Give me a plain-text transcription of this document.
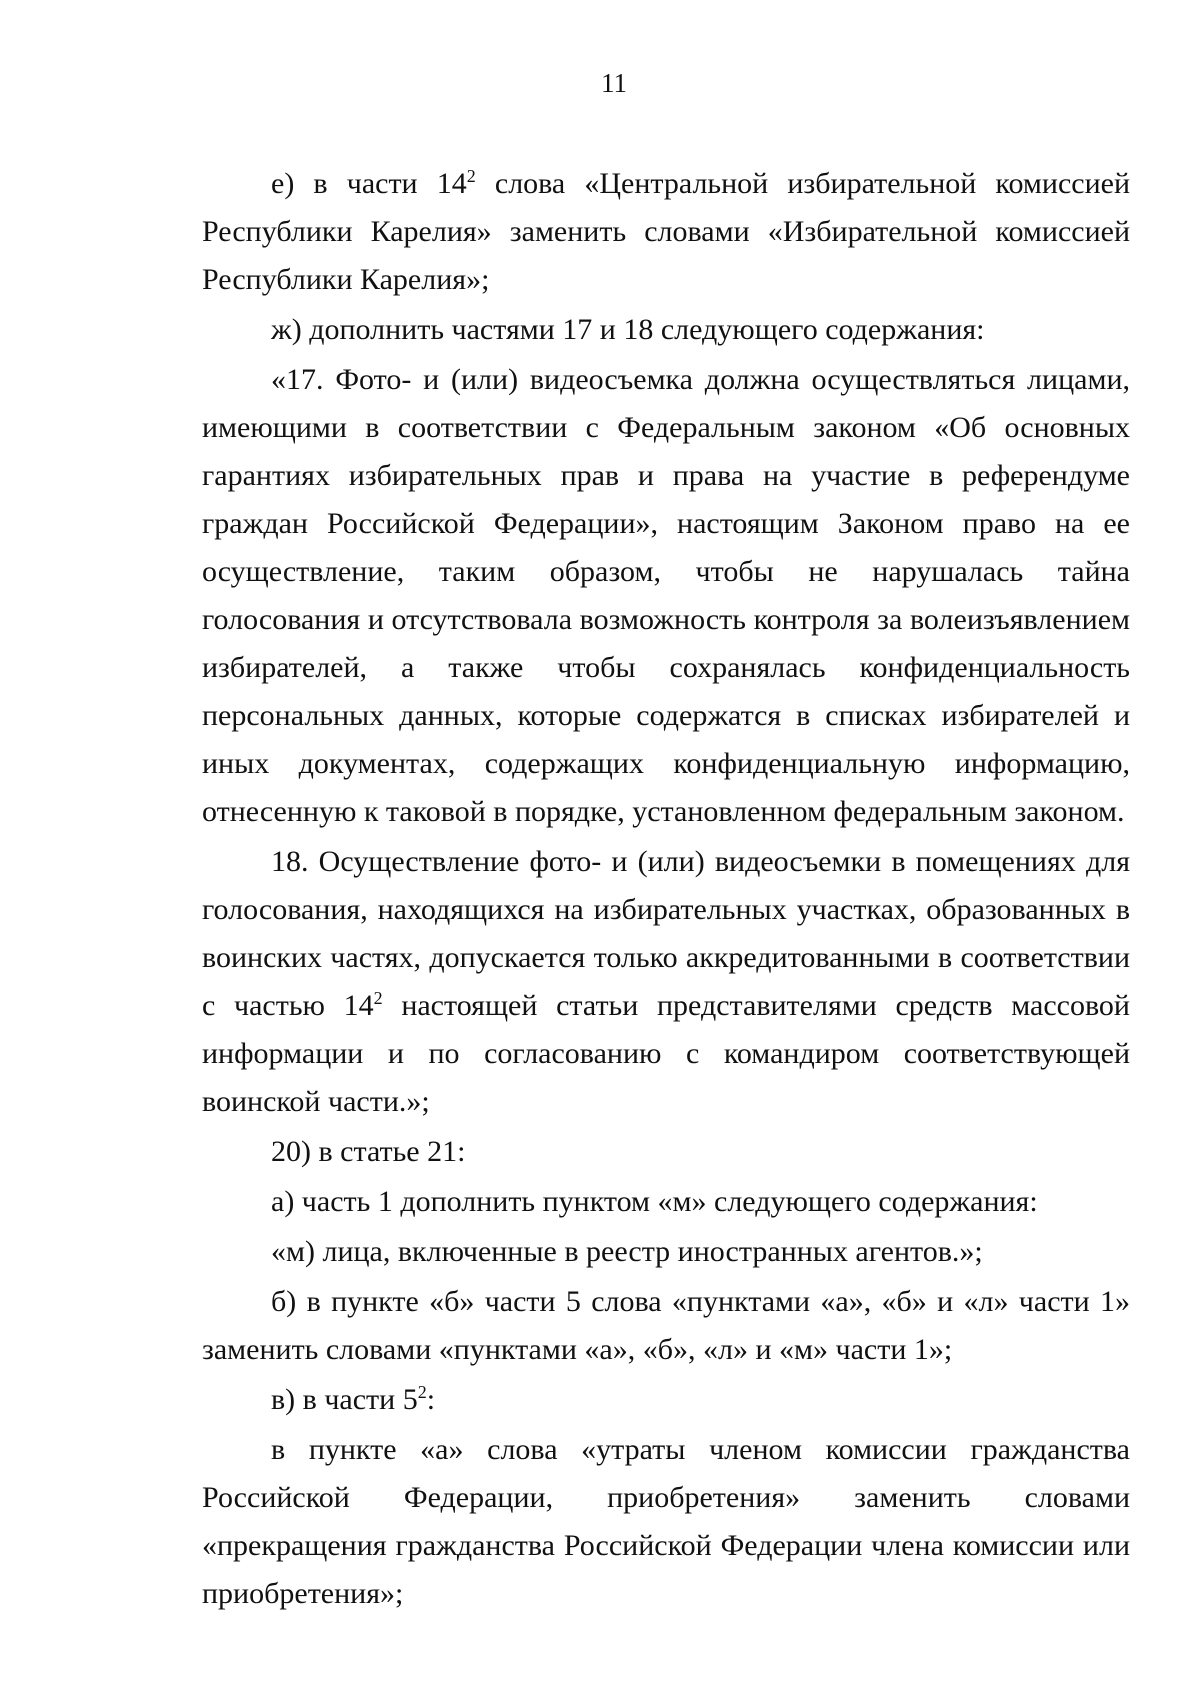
11

е) в части $14^2$ слова «Центральной избирательной комиссией Республики Карелия» заменить словами «Избирательной комиссией Республики Карелия»;

ж) дополнить частями 17 и 18 следующего содержания:

«17. Фото- и (или) видеосъемка должна осуществляться лицами, имеющими в соответствии с Федеральным законом «Об основных гарантиях избирательных прав и права на участие в референдуме граждан Российской Федерации», настоящим Законом право на ее осуществление, таким образом, чтобы не нарушалась тайна голосования и отсутствовала возможность контроля за волеизъявлением избирателей, а также чтобы сохранялась конфиденциальность персональных данных, которые содержатся в списках избирателей и иных документах, содержащих конфиденциальную информацию, отнесенную к таковой в порядке, установленном федеральным законом.

18. Осуществление фото- и (или) видеосъемки в помещениях для голосования, находящихся на избирательных участках, образованных в воинских частях, допускается только аккредитованными в соответствии с частью $14^2$ настоящей статьи представителями средств массовой информации и по согласованию с командиром соответствующей воинской части.»;

20) в статье 21:

а) часть 1 дополнить пунктом «м» следующего содержания:

«м) лица, включенные в реестр иностранных агентов.»;

б) в пункте «б» части 5 слова «пунктами «а», «б» и «л» части 1» заменить словами «пунктами «а», «б», «л» и «м» части 1»;

в) в части $5^2$:

в пункте «а» слова «утраты членом комиссии гражданства Российской Федерации, приобретения» заменить словами «прекращения гражданства Российской Федерации члена комиссии или приобретения»;
